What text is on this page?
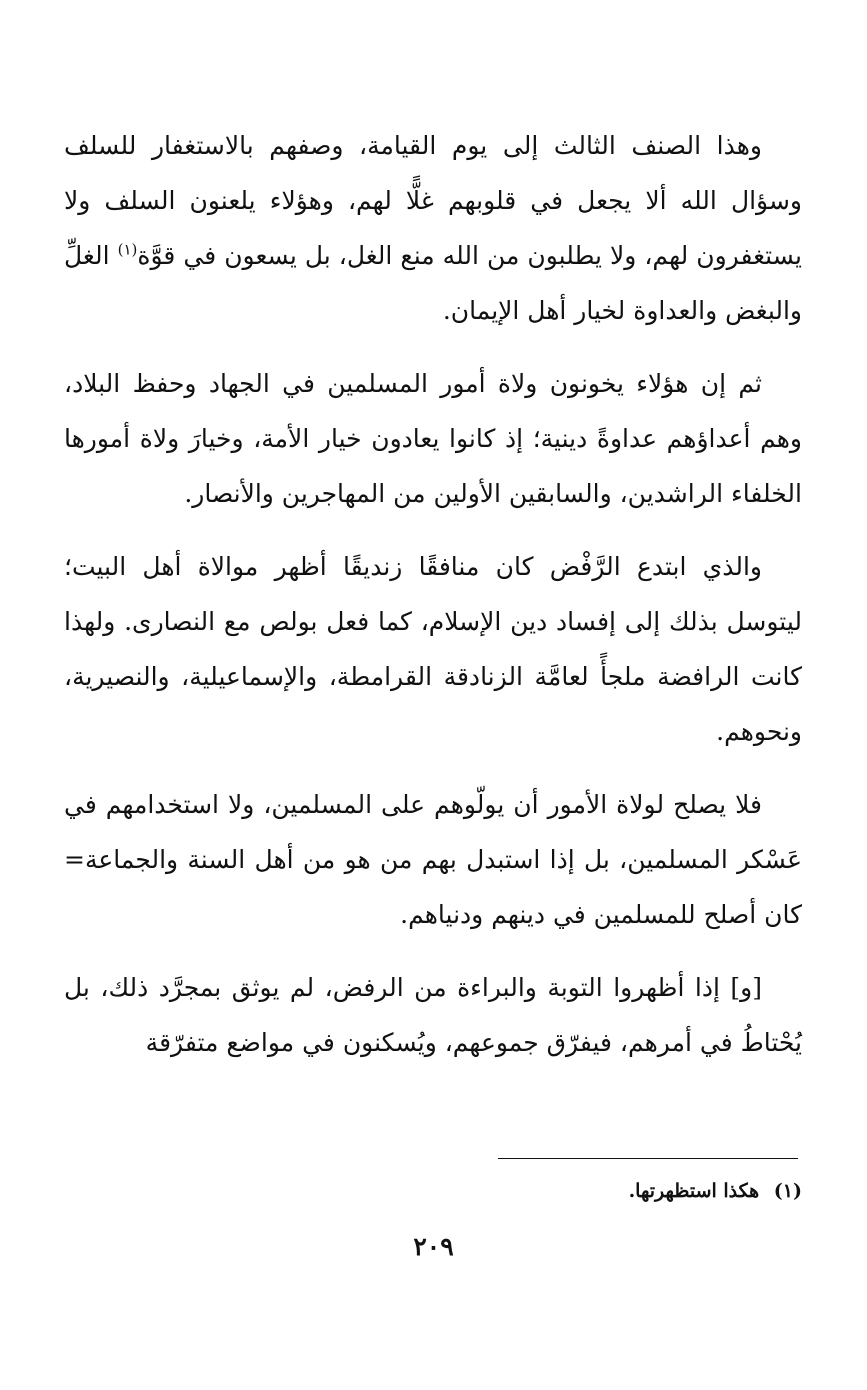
وهذا الصنف الثالث إلى يوم القيامة، وصفهم بالاستغفار للسلف وسؤال الله ألا يجعل في قلوبهم غلًّا لهم، وهؤلاء يلعنون السلف ولا يستغفرون لهم، ولا يطلبون من الله منع الغل، بل يسعون في قوَّة$^{(١)}$ الغلِّ والبغض والعداوة لخيار أهل الإيمان.
ثم إن هؤلاء يخونون ولاة أمور المسلمين في الجهاد وحفظ البلاد، وهم أعداؤهم عداوةً دينية؛ إذ كانوا يعادون خيار الأمة، وخيارَ ولاة أمورها الخلفاء الراشدين، والسابقين الأولين من المهاجرين والأنصار.
والذي ابتدع الرَّفْض كان منافقًا زنديقًا أظهر موالاة أهل البيت؛ ليتوسل بذلك إلى إفساد دين الإسلام، كما فعل بولص مع النصارى. ولهذا كانت الرافضة ملجأً لعامَّة الزنادقة القرامطة، والإسماعيلية، والنصيرية، ونحوهم.
فلا يصلح لولاة الأمور أن يولّوهم على المسلمين، ولا استخدامهم في عَسْكر المسلمين، بل إذا استبدل بهم من هو من أهل السنة والجماعة= كان أصلح للمسلمين في دينهم ودنياهم.
[و] إذا أظهروا التوبة والبراءة من الرفض، لم يوثق بمجرَّد ذلك، بل يُحْتاطُ في أمرهم، فيفرّق جموعهم، ويُسكنون في مواضع متفرّقة
(١) هكذا استظهرتها.
٢٠٩
